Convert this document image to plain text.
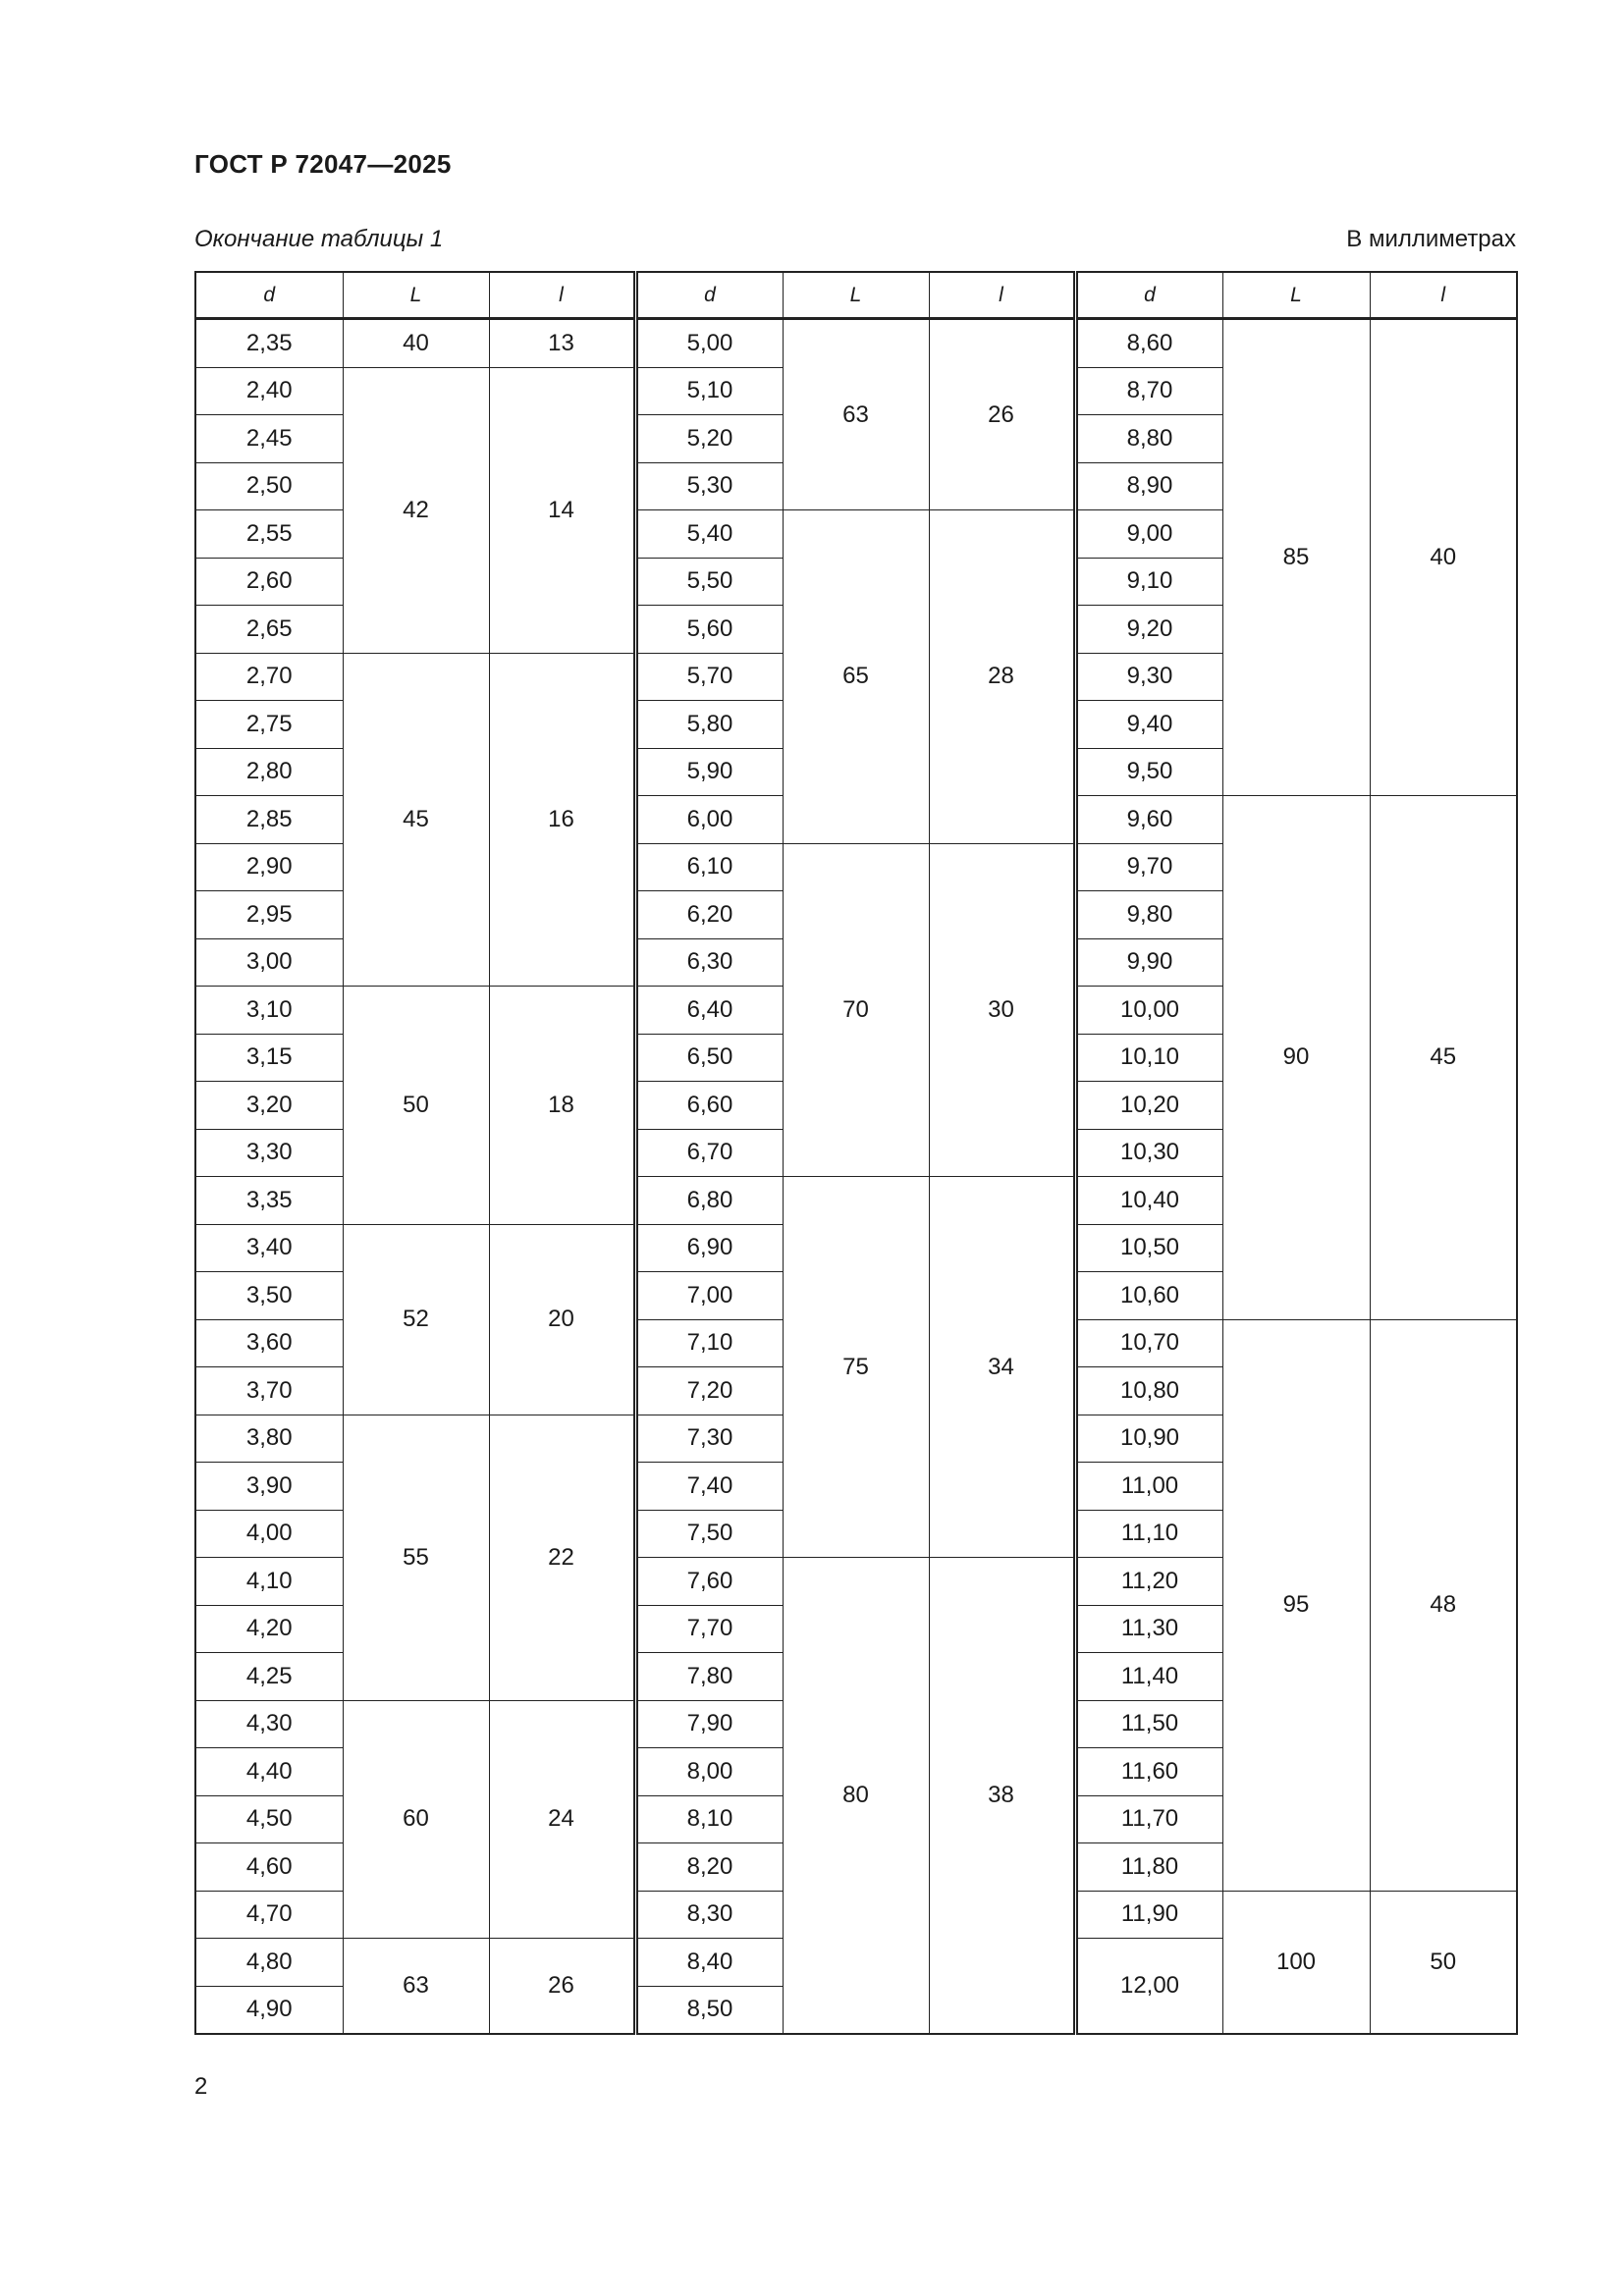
ГОСТ Р 72047—2025
Окончание таблицы 1	В миллиметрах
d	L	l	d	L	l	d	L	l
2,35	40	13	5,00	63	26	8,60	85	40
2,40	42	14	5,10			8,70		
2,45			5,20			8,80		
2,50			5,30			8,90		
2,55			5,40	65	28	9,00		
2,60			5,50			9,10		
2,65			5,60			9,20		
2,70	45	16	5,70			9,30		
2,75			5,80			9,40		
2,80			5,90			9,50		
2,85			6,00			9,60	90	45
2,90			6,10	70	30	9,70		
2,95			6,20			9,80		
3,00			6,30			9,90		
3,10	50	18	6,40			10,00		
3,15			6,50			10,10		
3,20			6,60			10,20		
3,30			6,70			10,30		
3,35			6,80	75	34	10,40		
3,40	52	20	6,90			10,50		
3,50			7,00			10,60		
3,60			7,10			10,70	95	48
3,70			7,20			10,80		
3,80	55	22	7,30			10,90		
3,90			7,40			11,00		
4,00			7,50			11,10		
4,10			7,60	80	38	11,20		
4,20			7,70			11,30		
4,25			7,80			11,40		
4,30	60	24	7,90			11,50		
4,40			8,00			11,60		
4,50			8,10			11,70		
4,60			8,20			11,80		
4,70			8,30			11,90	100	50
4,80	63	26	8,40			12,00		
4,90			8,50					
2
